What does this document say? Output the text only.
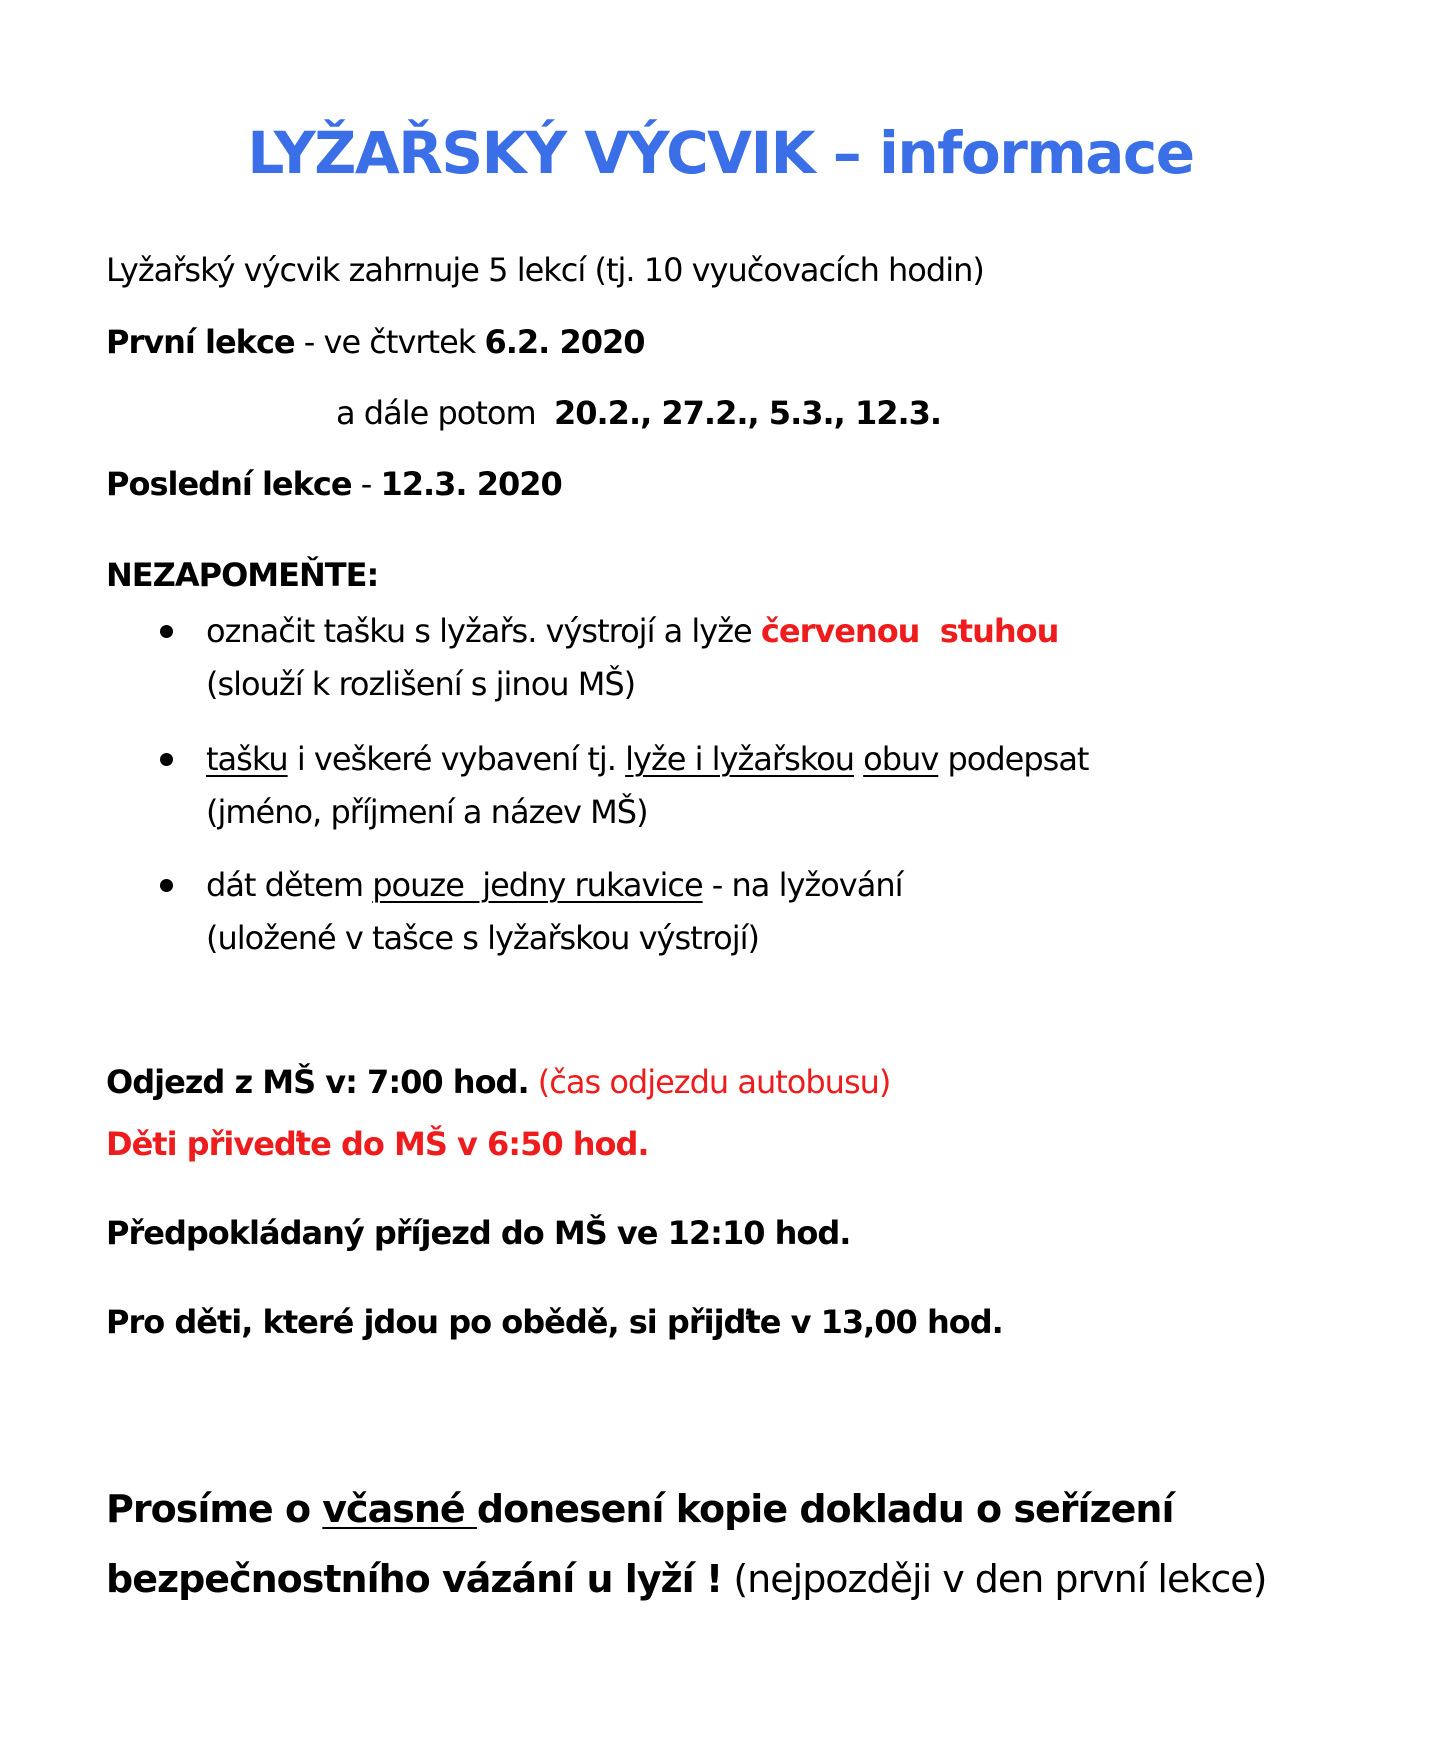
LYŽAŘSKÝ VÝCVIK – informace
Lyžařský výcvik zahrnuje 5 lekcí (tj. 10 vyučovacích hodin)
První lekce - ve čtvrtek 6.2. 2020
a dále potom  20.2., 27.2., 5.3., 12.3.
Poslední lekce - 12.3. 2020
NEZAPOMEŇTE:
označit tašku s lyžařs. výstrojí a lyže červenou  stuhou
(slouží k rozlišení s jinou MŠ)
tašku i veškeré vybavení tj. lyže i lyžařskou obuv podepsat
(jméno, příjmení a název MŠ)
dát dětem pouze  jedny rukavice - na lyžování
(uložené v tašce s lyžařskou výstrojí)
Odjezd z MŠ v: 7:00 hod. (čas odjezdu autobusu)
Děti přiveďte do MŠ v 6:50 hod.
Předpokládaný příjezd do MŠ ve 12:10 hod.
Pro děti, které jdou po obědě, si přijďte v 13,00 hod.
Prosíme o včasné donesení kopie dokladu o seřízení
bezpečnostního vázání u lyží ! (nejpozději v den první lekce)
